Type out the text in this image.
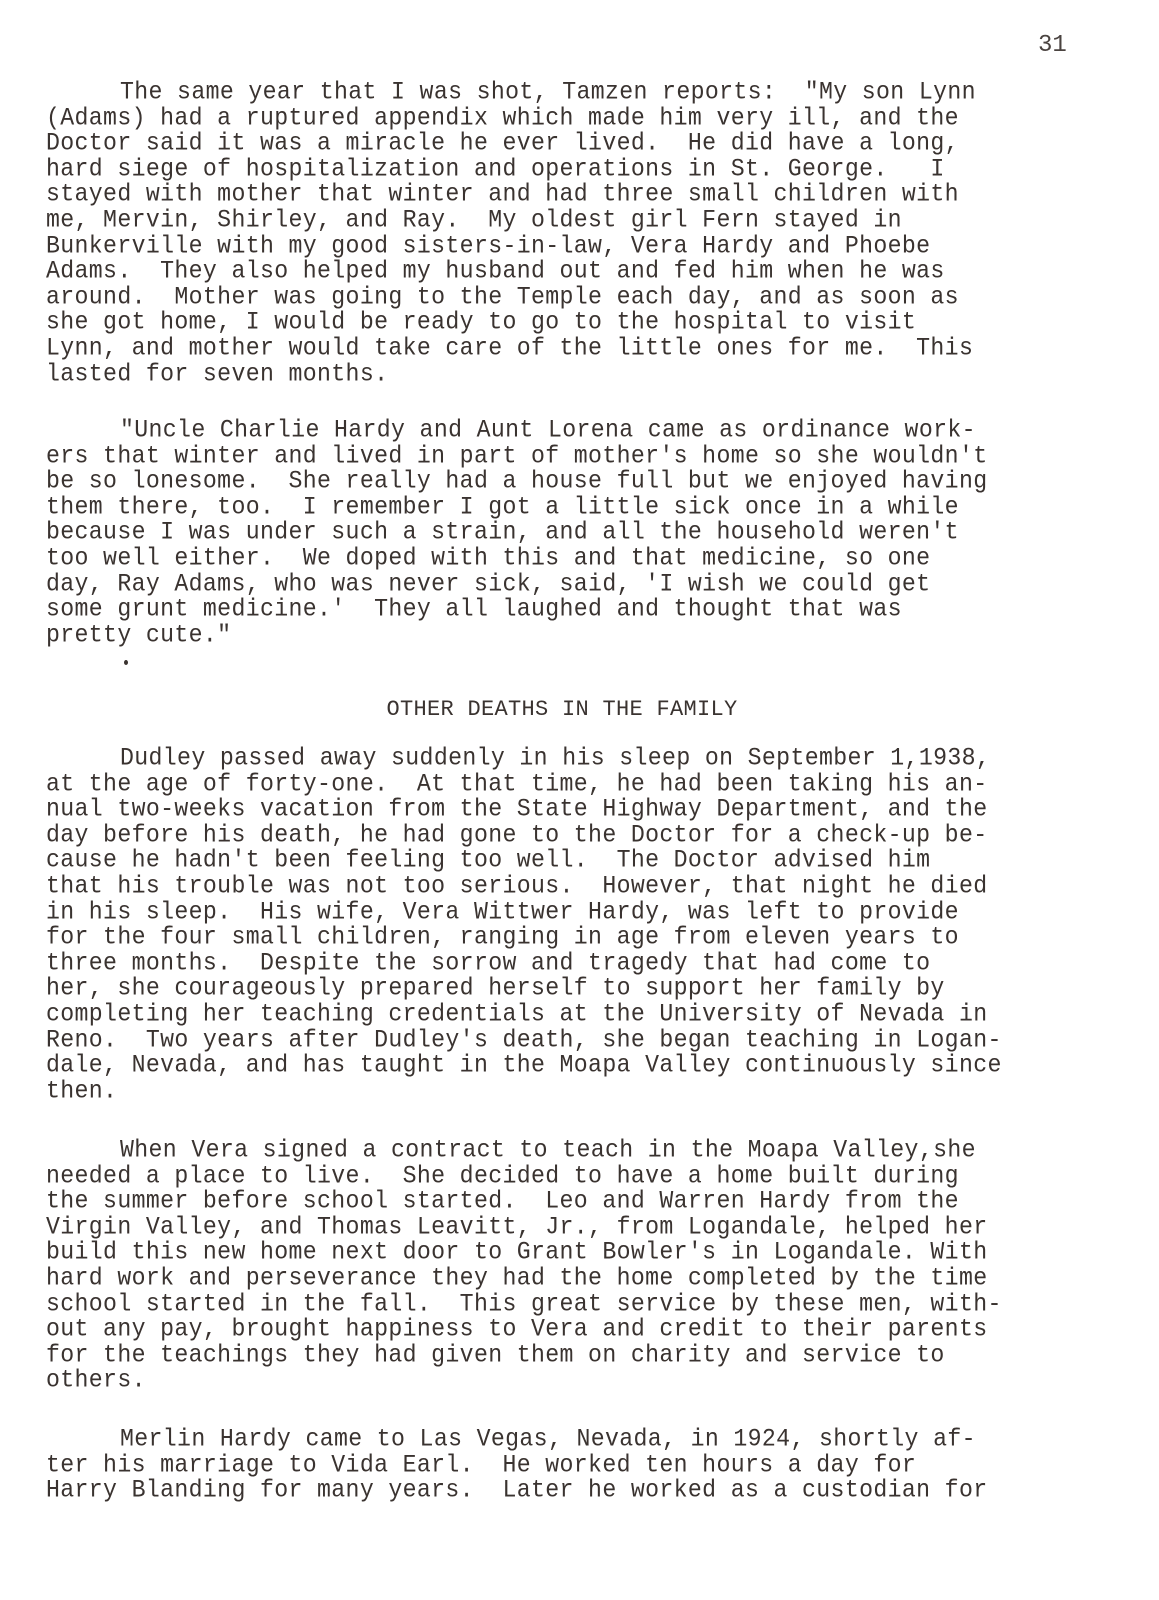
31
The same year that I was shot, Tamzen reports:  "My son Lynn
(Adams) had a ruptured appendix which made him very ill, and the
Doctor said it was a miracle he ever lived.  He did have a long,
hard siege of hospitalization and operations in St. George.   I
stayed with mother that winter and had three small children with
me, Mervin, Shirley, and Ray.  My oldest girl Fern stayed in
Bunkerville with my good sisters-in-law, Vera Hardy and Phoebe
Adams.  They also helped my husband out and fed him when he was
around.  Mother was going to the Temple each day, and as soon as
she got home, I would be ready to go to the hospital to visit
Lynn, and mother would take care of the little ones for me.  This
lasted for seven months.
"Uncle Charlie Hardy and Aunt Lorena came as ordinance work-
ers that winter and lived in part of mother's home so she wouldn't
be so lonesome.  She really had a house full but we enjoyed having
them there, too.  I remember I got a little sick once in a while
because I was under such a strain, and all the household weren't
too well either.  We doped with this and that medicine, so one
day, Ray Adams, who was never sick, said, 'I wish we could get
some grunt medicine.'  They all laughed and thought that was
pretty cute."
OTHER DEATHS IN THE FAMILY
Dudley passed away suddenly in his sleep on September 1,1938,
at the age of forty-one.  At that time, he had been taking his an-
nual two-weeks vacation from the State Highway Department, and the
day before his death, he had gone to the Doctor for a check-up be-
cause he hadn't been feeling too well.  The Doctor advised him
that his trouble was not too serious.  However, that night he died
in his sleep.  His wife, Vera Wittwer Hardy, was left to provide
for the four small children, ranging in age from eleven years to
three months.  Despite the sorrow and tragedy that had come to
her, she courageously prepared herself to support her family by
completing her teaching credentials at the University of Nevada in
Reno.  Two years after Dudley's death, she began teaching in Logan-
dale, Nevada, and has taught in the Moapa Valley continuously since
then.
When Vera signed a contract to teach in the Moapa Valley,she
needed a place to live.  She decided to have a home built during
the summer before school started.  Leo and Warren Hardy from the
Virgin Valley, and Thomas Leavitt, Jr., from Logandale, helped her
build this new home next door to Grant Bowler's in Logandale. With
hard work and perseverance they had the home completed by the time
school started in the fall.  This great service by these men, with-
out any pay, brought happiness to Vera and credit to their parents
for the teachings they had given them on charity and service to
others.
Merlin Hardy came to Las Vegas, Nevada, in 1924, shortly af-
ter his marriage to Vida Earl.  He worked ten hours a day for
Harry Blanding for many years.  Later he worked as a custodian for
